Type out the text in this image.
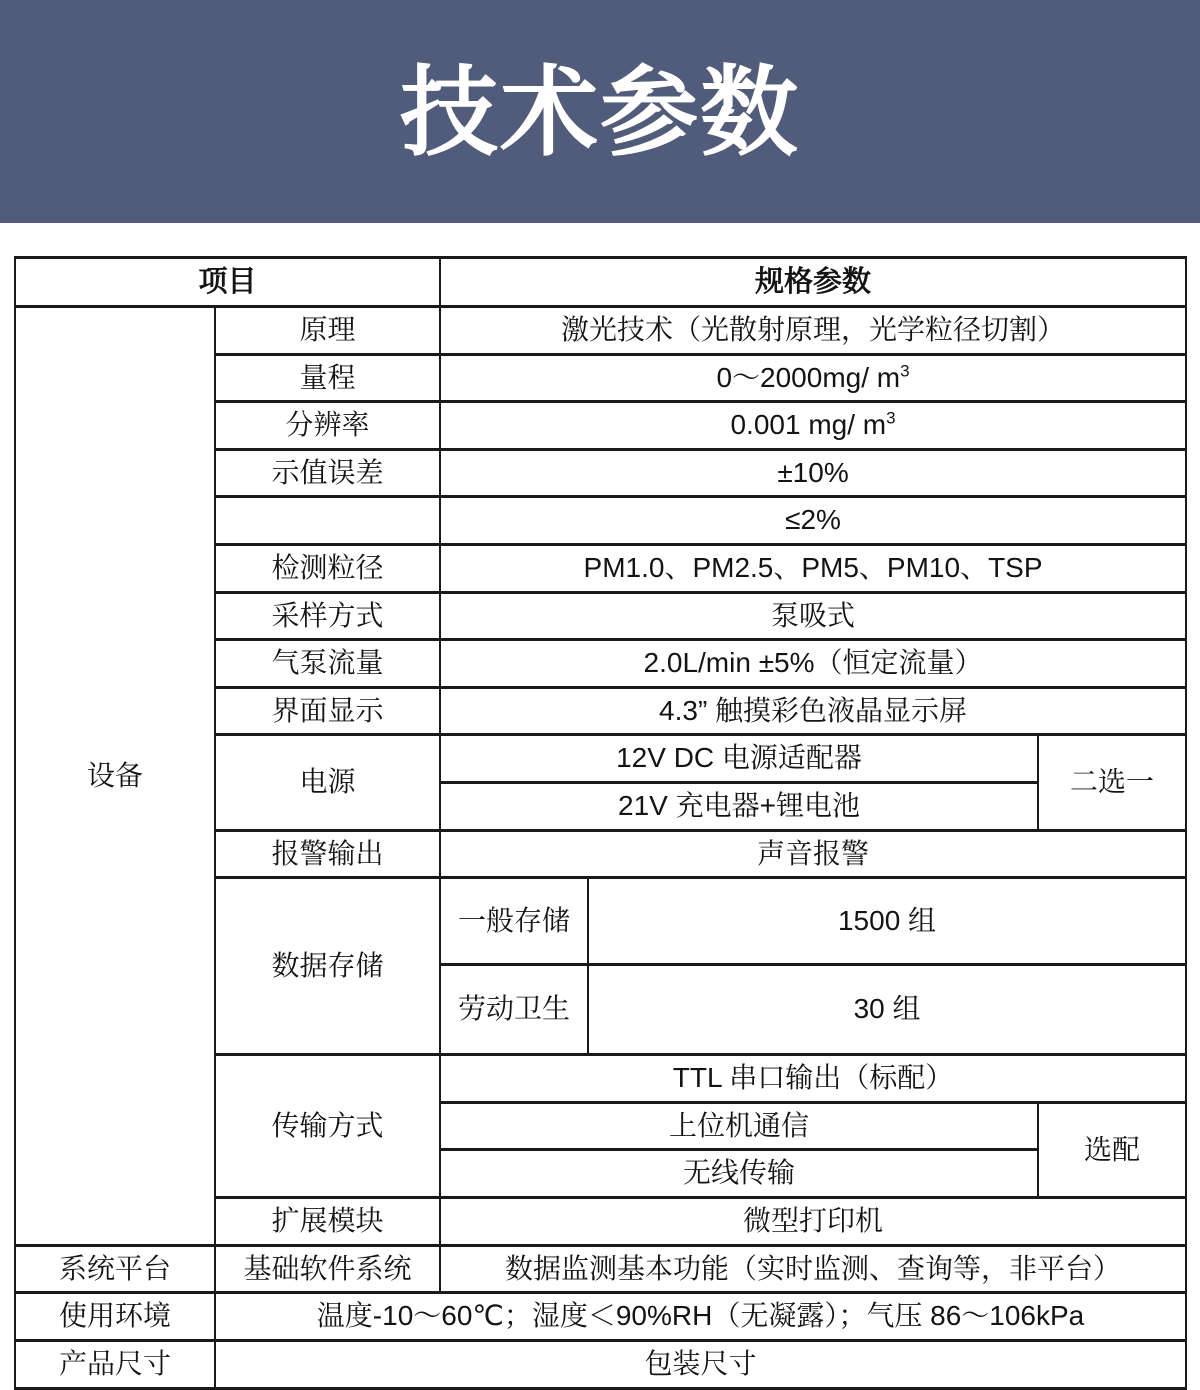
技术参数
项目		规格参数		
设备	原理	激光技术（光散射原理，光学粒径切割）		
	量程	0～2000mg/ $m^3$
	分辨率	0.001 mg/ $m^3$
	示值误差	±10%		
		≤2%		
	检测粒径	PM1.0、PM2.5、PM5、PM10、TSP		
	采样方式	泵吸式		
	气泵流量	2.0L/min ±5%（恒定流量）		
	界面显示	4.3” 触摸彩色液晶显示屏		
	电源	12V DC 电源适配器		二选一
		21V 充电器+锂电池		
	报警输出	声音报警		
	数据存储	一般存储	1500 组	
		劳动卫生	30 组	
	传输方式	TTL 串口输出（标配）		
		上位机通信		选配
		无线传输		
	扩展模块	微型打印机		
系统平台	基础软件系统	数据监测基本功能（实时监测、查询等，非平台）		
使用环境	温度-10～60℃；湿度＜90%RH（无凝露）；气压 86～106kPa			
产品尺寸	包装尺寸			
